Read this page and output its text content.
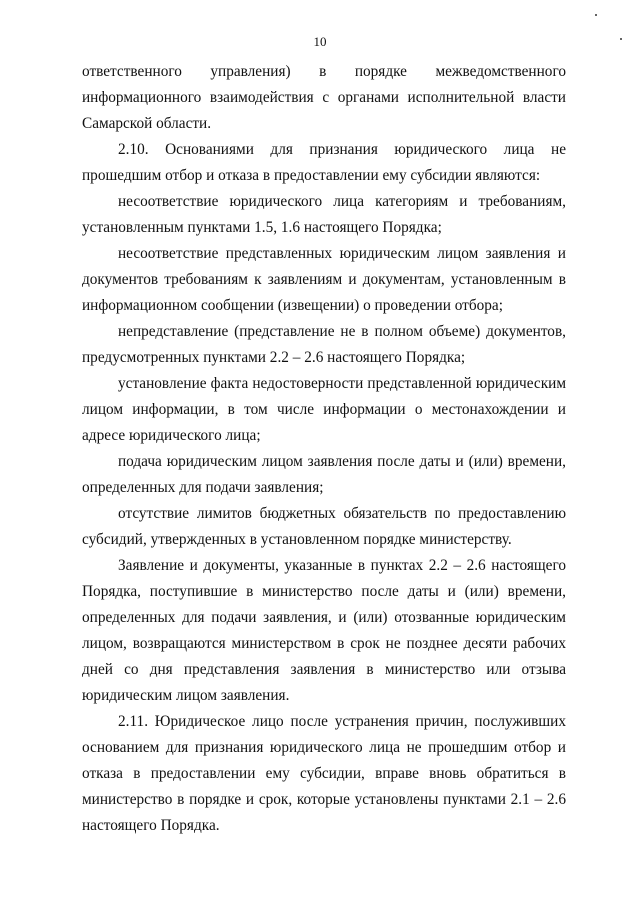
10

ответственного управления) в порядке межведомственного информационного взаимодействия с органами исполнительной власти Самарской области.

2.10. Основаниями для признания юридического лица не прошедшим отбор и отказа в предоставлении ему субсидии являются:

несоответствие юридического лица категориям и требованиям, установленным пунктами 1.5, 1.6 настоящего Порядка;

несоответствие представленных юридическим лицом заявления и документов требованиям к заявлениям и документам, установленным в информационном сообщении (извещении) о проведении отбора;

непредставление (представление не в полном объеме) документов, предусмотренных пунктами 2.2 – 2.6 настоящего Порядка;

установление факта недостоверности представленной юридическим лицом информации, в том числе информации о местонахождении и адресе юридического лица;

подача юридическим лицом заявления после даты и (или) времени, определенных для подачи заявления;

отсутствие лимитов бюджетных обязательств по предоставлению субсидий, утвержденных в установленном порядке министерству.

Заявление и документы, указанные в пунктах 2.2 – 2.6 настоящего Порядка, поступившие в министерство после даты и (или) времени, определенных для подачи заявления, и (или) отозванные юридическим лицом, возвращаются министерством в срок не позднее десяти рабочих дней со дня представления заявления в министерство или отзыва юридическим лицом заявления.

2.11. Юридическое лицо после устранения причин, послуживших основанием для признания юридического лица не прошедшим отбор и отказа в предоставлении ему субсидии, вправе вновь обратиться в министерство в порядке и срок, которые установлены пунктами 2.1 – 2.6 настоящего Порядка.
